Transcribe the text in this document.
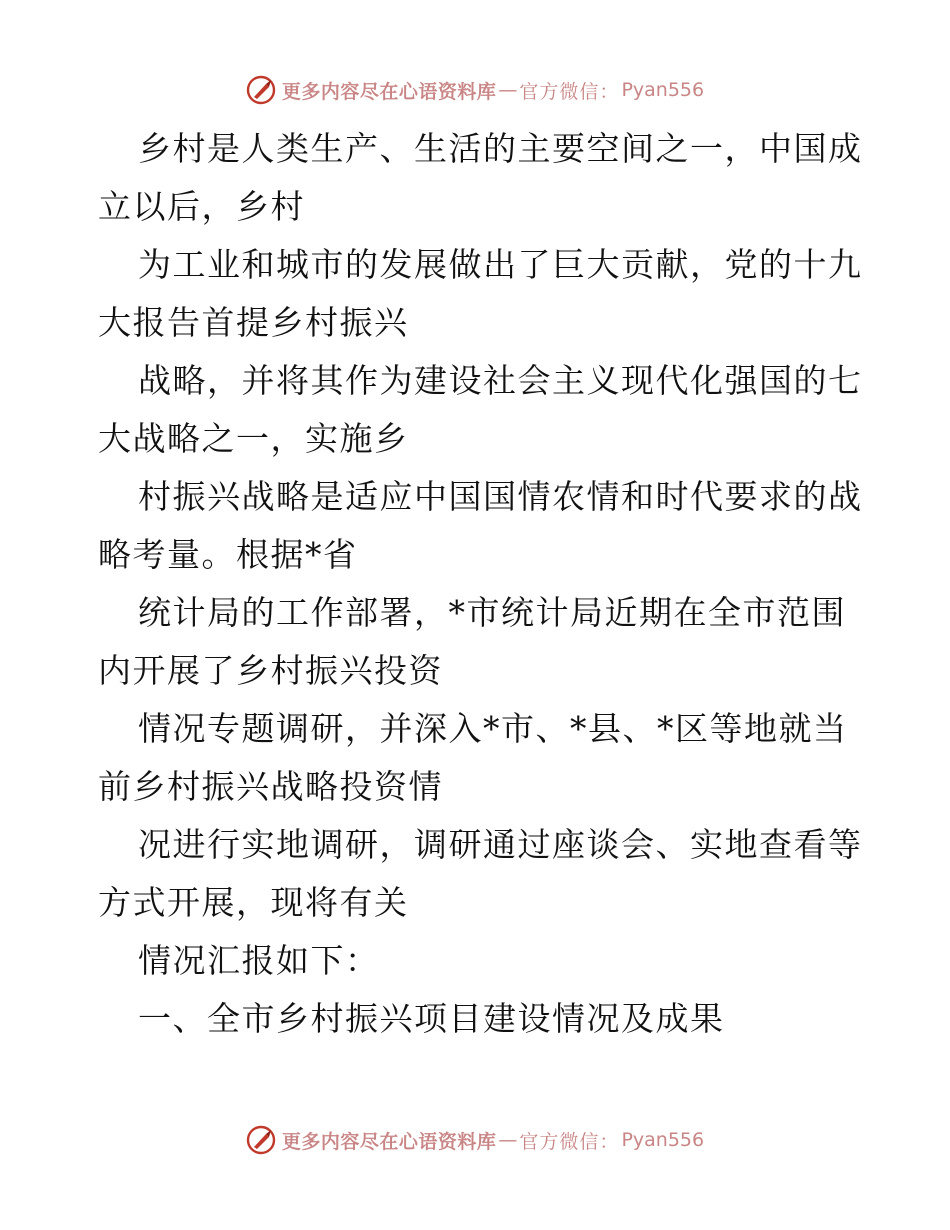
更多内容尽在心语资料库 — 官方微信： Pyan556
乡村是人类生产、生活的主要空间之一，中国成
立以后，乡村
为工业和城市的发展做出了巨大贡献，党的十九
大报告首提乡村振兴
战略，并将其作为建设社会主义现代化强国的七
大战略之一，实施乡
村振兴战略是适应中国国情农情和时代要求的战
略考量。根据*省
统计局的工作部署，*市统计局近期在全市范围
内开展了乡村振兴投资
情况专题调研，并深入*市、*县、*区等地就当
前乡村振兴战略投资情
况进行实地调研，调研通过座谈会、实地查看等
方式开展，现将有关
情况汇报如下：
一、全市乡村振兴项目建设情况及成果
更多内容尽在心语资料库 — 官方微信： Pyan556
